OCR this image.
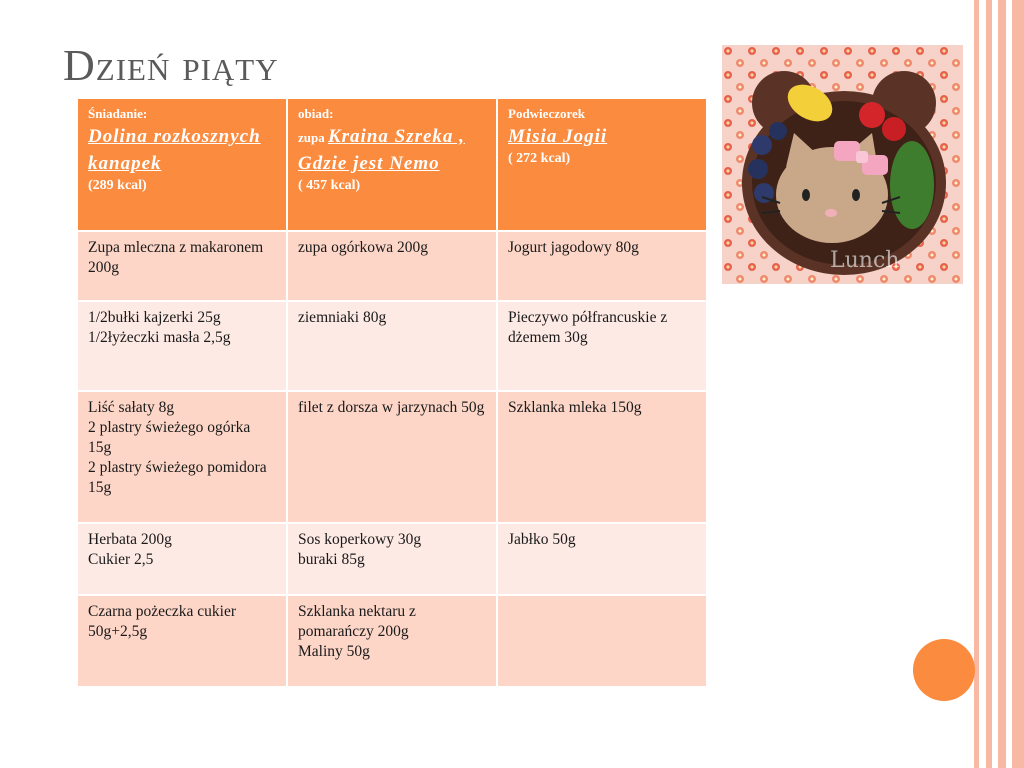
Dzień piąty
Śniadanie:
Dolina rozkosznych kanapek
(289 kcal)	obiad:
zupa Kraina Szreka , Gdzie jest Nemo
( 457 kcal)	Podwieczorek
Misia Jogii
( 272 kcal)

Zupa mleczna z makaronem 200g	zupa ogórkowa 200g	Jogurt jagodowy 80g

1/2bułki kajzerki 25g
1/2łyżeczki masła 2,5g	ziemniaki 80g	Pieczywo półfrancuskie z dżemem 30g

Liść sałaty 8g
2 plastry świeżego ogórka 15g
2 plastry świeżego pomidora 15g	filet z dorsza w jarzynach 50g	Szklanka mleka 150g

Herbata 200g
Cukier 2,5	Sos koperkowy 30g
buraki 85g	Jabłko 50g

Czarna pożeczka cukier 50g+2,5g	Szklanka nektaru z pomarańczy 200g
Maliny 50g	

Lunch
